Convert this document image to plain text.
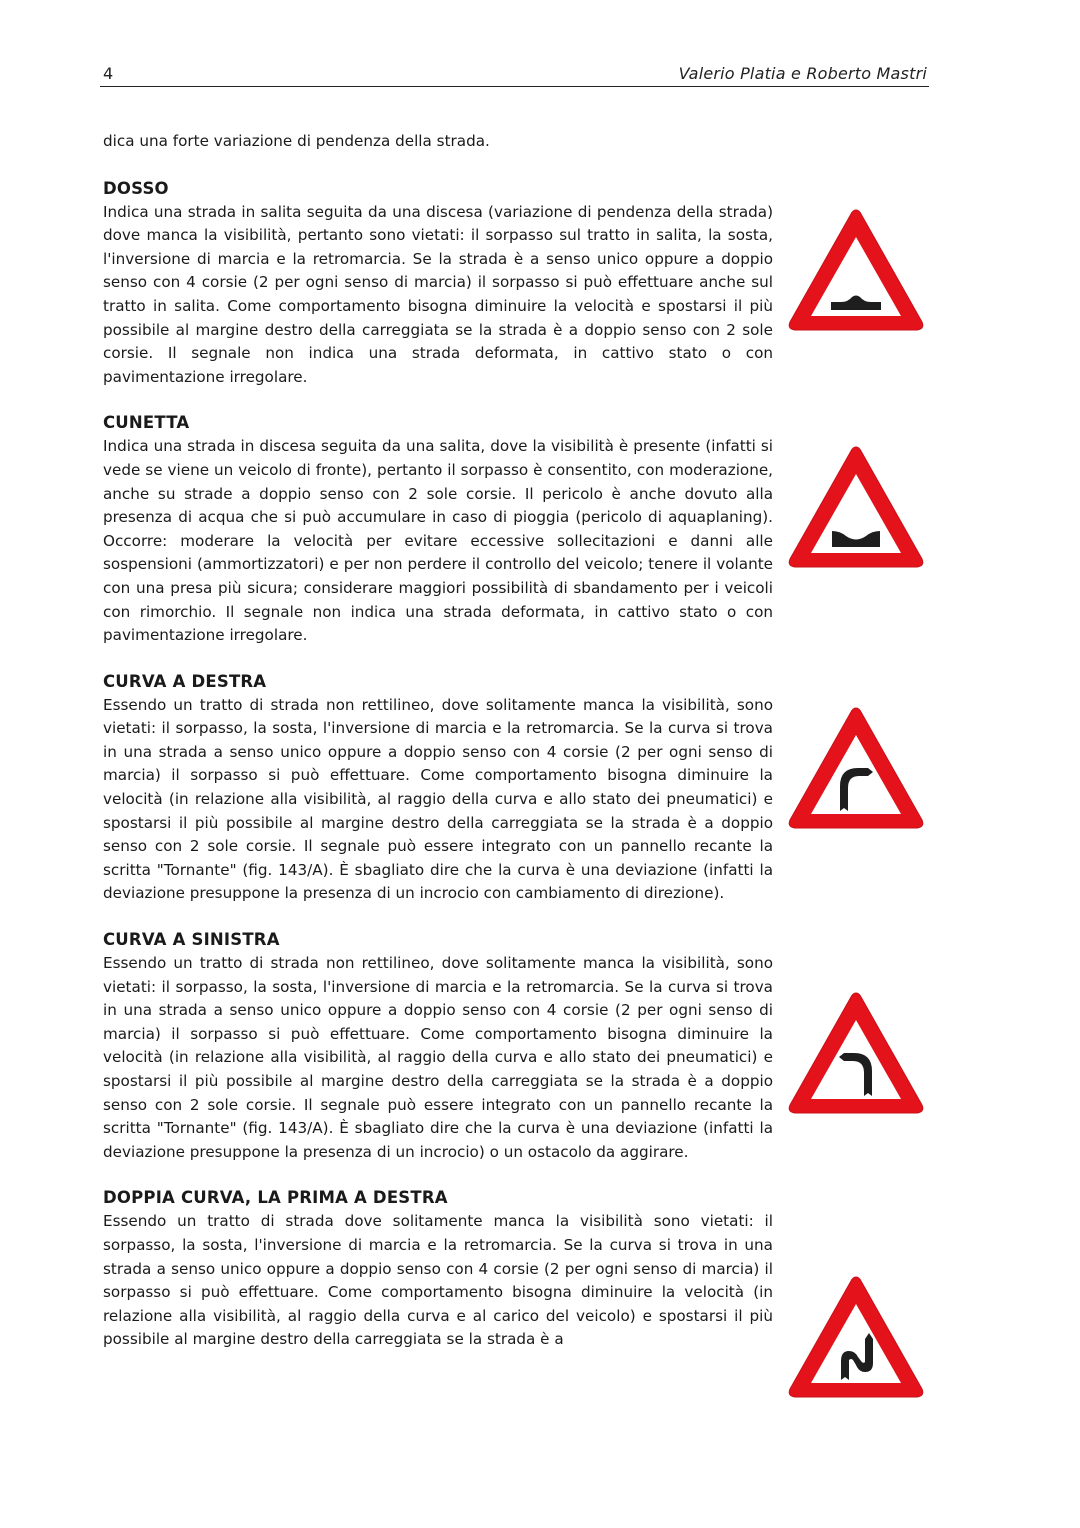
4	Valerio Platia e Roberto Mastri

dica una forte variazione di pendenza della strada.

DOSSO

Indica una strada in salita seguita da una discesa (variazione di pendenza della strada) dove manca la visibilità, pertanto sono vietati: il sorpasso sul tratto in salita, la sosta, l'inversione di marcia e la retromarcia. Se la strada è a senso unico oppure a doppio senso con 4 corsie (2 per ogni senso di marcia) il sorpasso si può effettuare anche sul tratto in salita. Come comportamento bisogna diminuire la velocità e spostarsi il più possibile al margine destro della carreggiata se la strada è a doppio senso con 2 sole corsie. Il segnale non indica una strada deformata, in cattivo stato o con pavimentazione irregolare.

CUNETTA

Indica una strada in discesa seguita da una salita, dove la visibilità è presente (infatti si vede se viene un veicolo di fronte), pertanto il sorpasso è consentito, con moderazione, anche su strade a doppio senso con 2 sole corsie. Il pericolo è anche dovuto alla presenza di acqua che si può accumulare in caso di pioggia (pericolo di aquaplaning). Occorre: moderare la velocità per evitare eccessive sollecitazioni e danni alle sospensioni (ammortizzatori) e per non perdere il controllo del veicolo; tenere il volante con una presa più sicura; considerare maggiori possibilità di sbandamento per i veicoli con rimorchio. Il segnale non indica una strada deformata, in cattivo stato o con pavimentazione irregolare.

CURVA A DESTRA

Essendo un tratto di strada non rettilineo, dove solitamente manca la visibilità, sono vietati: il sorpasso, la sosta, l'inversione di marcia e la retromarcia. Se la curva si trova in una strada a senso unico oppure a doppio senso con 4 corsie (2 per ogni senso di marcia) il sorpasso si può effettuare. Come comportamento bisogna diminuire la velocità (in relazione alla visibilità, al raggio della curva e allo stato dei pneumatici) e spostarsi il più possibile al margine destro della carreggiata se la strada è a doppio senso con 2 sole corsie. Il segnale può essere integrato con un pannello recante la scritta "Tornante" (fig. 143/A). È sbagliato dire che la curva è una deviazione (infatti la deviazione presuppone la presenza di un incrocio con cambiamento di direzione).

CURVA A SINISTRA

Essendo un tratto di strada non rettilineo, dove solitamente manca la visibilità, sono vietati: il sorpasso, la sosta, l'inversione di marcia e la retromarcia. Se la curva si trova in una strada a senso unico oppure a doppio senso con 4 corsie (2 per ogni senso di marcia) il sorpasso si può effettuare. Come comportamento bisogna diminuire la velocità (in relazione alla visibilità, al raggio della curva e allo stato dei pneumatici) e spostarsi il più possibile al margine destro della carreggiata se la strada è a doppio senso con 2 sole corsie. Il segnale può essere integrato con un pannello recante la scritta "Tornante" (fig. 143/A). È sbagliato dire che la curva è una deviazione (infatti la deviazione presuppone la presenza di un incrocio) o un ostacolo da aggirare.

DOPPIA CURVA, LA PRIMA A DESTRA

Essendo un tratto di strada dove solitamente manca la visibilità sono vietati: il sorpasso, la sosta, l'inversione di marcia e la retromarcia. Se la curva si trova in una strada a senso unico oppure a doppio senso con 4 corsie (2 per ogni senso di marcia) il sorpasso si può effettuare. Come comportamento bisogna diminuire la velocità (in relazione alla visibilità, al raggio della curva e al carico del veicolo) e spostarsi il più possibile al margine destro della carreggiata se la strada è a
